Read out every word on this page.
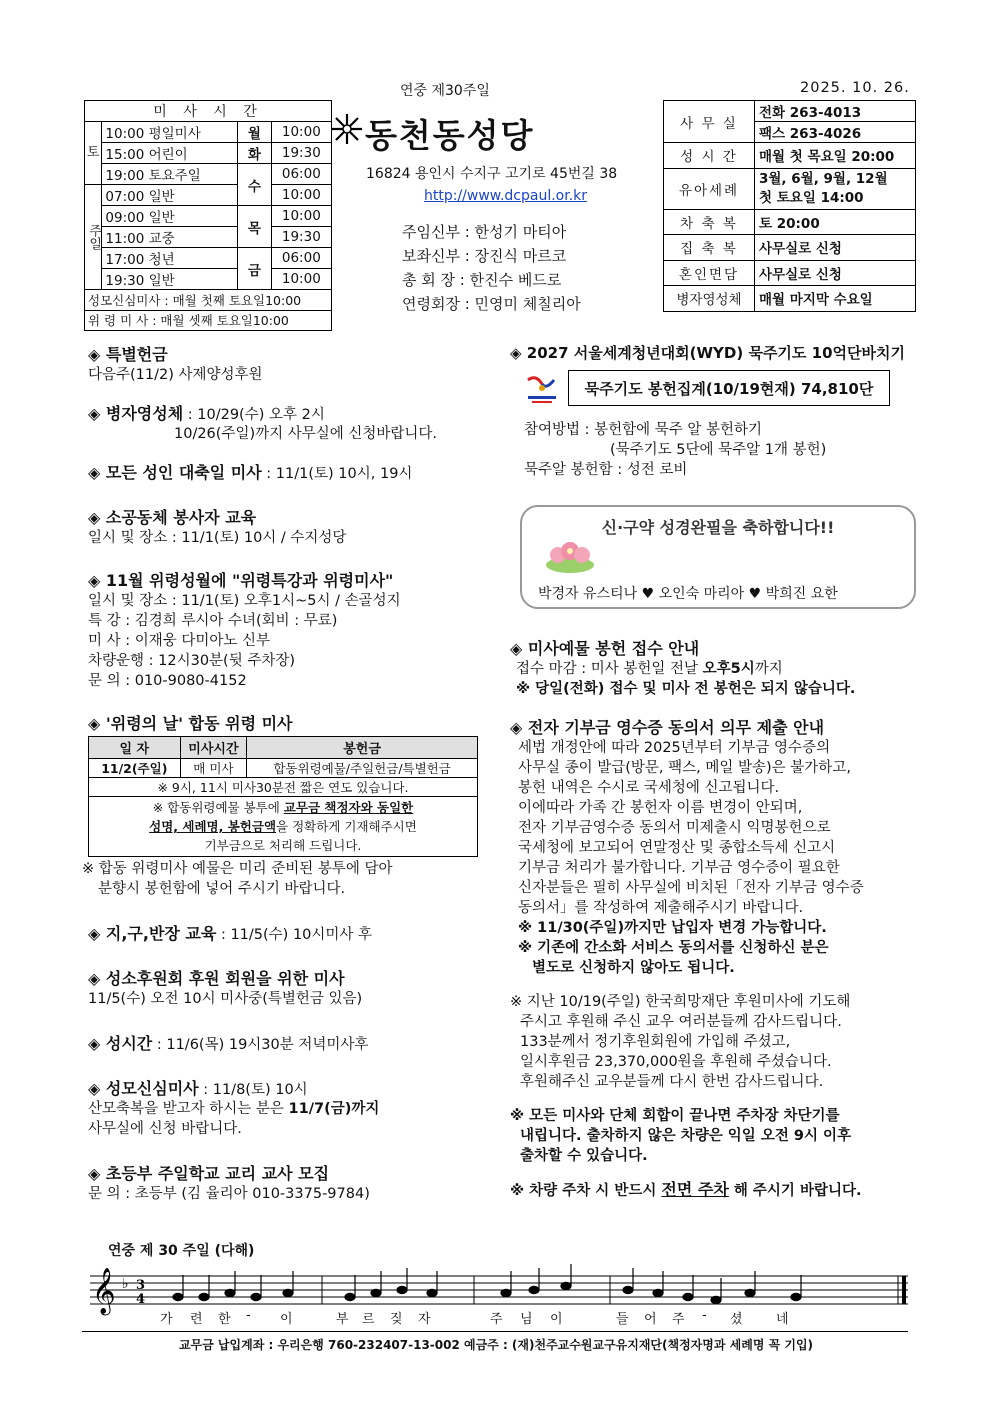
연중 제30주일	2025. 10. 26.
미 사 시 간			
토	10:00 평일미사	월	10:00
	15:00 어린이	화	19:30
	19:00 토요주일	수	06:00
주일	07:00 일반		10:00
	09:00 일반	목	10:00
	11:00 교중		19:30
	17:00 청년	금	06:00
	19:30 일반		10:00
성모신심미사 : 매월 첫째 토요일10:00			
위 령 미 사 : 매월 셋째 토요일10:00			
동천동성당
16824 용인시 수지구 고기로 45번길 38
http://www.dcpaul.or.kr
주임신부 : 한성기 마티아
보좌신부 : 장진식 마르코
총 회 장 : 한진수 베드로
연령회장 : 민영미 체칠리아
사 무 실	전화 263-4013
	팩스 263-4026
성 시 간	매월 첫 목요일 20:00
유아세례	3월, 6월, 9월, 12월
첫 토요일 14:00

차 축 복	토 20:00
집 축 복	사무실로 신청
혼인면담	사무실로 신청
병자영성체	매월 마지막 수요일
◈ 특별헌금

다음주(11/2) 사제양성후원

◈ 병자영성체 : 10/29(수) 오후 2시

10/26(주일)까지 사무실에 신청바랍니다.

◈ 모든 성인 대축일 미사 : 11/1(토) 10시, 19시
◈ 소공동체 봉사자 교육

일시 및 장소 : 11/1(토) 10시 / 수지성당

◈ 11월 위령성월에 "위령특강과 위령미사"

일시 및 장소 : 11/1(토) 오후1시~5시 / 손골성지

특 강 : 김경희 루시아 수녀(회비 : 무료)

미 사 : 이재웅 다미아노 신부

차량운행 : 12시30분(뒷 주차장)

문 의 : 010-9080-4152

◈ '위령의 날' 합동 위령 미사
일 자	미사시간	봉헌금
11/2(주일)	매 미사	합동위령예물/주일헌금/특별헌금
※ 9시, 11시 미사30분전 짧은 연도 있습니다.		
※ 합동위령예물 봉투에 교무금 책정자와 동일한
성명, 세례명, 봉헌금액을 정확하게 기재해주시면
기부금으로 처리해 드립니다.		

※ 합동 위령미사 예물은 미리 준비된 봉투에 담아

분향시 봉헌함에 넣어 주시기 바랍니다.

◈ 지,구,반장 교육 : 11/5(수) 10시미사 후
◈ 성소후원회 후원 회원을 위한 미사

11/5(수) 오전 10시 미사중(특별헌금 있음)

◈ 성시간 : 11/6(목) 19시30분 저녁미사후
◈ 성모신심미사 : 11/8(토) 10시

산모축복을 받고자 하시는 분은 11/7(금)까지

사무실에 신청 바랍니다.

◈ 초등부 주일학교 교리 교사 모집

문 의 : 초등부 (김 율리아 010-3375-9784)

◈ 2027 서울세계청년대회(WYD) 묵주기도 10억단바치기
묵주기도 봉헌집계(10/19현재) 74,810단

참여방법 : 봉헌함에 묵주 알 봉헌하기

(묵주기도 5단에 묵주알 1개 봉헌)

묵주알 봉헌함 : 성전 로비

신·구약 성경완필을 축하합니다!!
박경자 유스티나 ♥ 오인숙 마리아 ♥ 박희진 요한
◈ 미사예물 봉헌 접수 안내

접수 마감 : 미사 봉헌일 전날 오후5시까지

※ 당일(전화) 접수 및 미사 전 봉헌은 되지 않습니다.

◈ 전자 기부금 영수증 동의서 의무 제출 안내

세법 개정안에 따라 2025년부터 기부금 영수증의

사무실 종이 발급(방문, 팩스, 메일 발송)은 불가하고,

봉헌 내역은 수시로 국세청에 신고됩니다.

이에따라 가족 간 봉헌자 이름 변경이 안되며,

전자 기부금영수증 동의서 미제출시 익명봉헌으로

국세청에 보고되어 연말정산 및 종합소득세 신고시

기부금 처리가 불가합니다. 기부금 영수증이 필요한

신자분들은 필히 사무실에 비치된「전자 기부금 영수증

동의서」를 작성하여 제출해주시기 바랍니다.

※ 11/30(주일)까지만 납입자 변경 가능합니다.

※ 기존에 간소화 서비스 동의서를 신청하신 분은

별도로 신청하지 않아도 됩니다.

※ 지난 10/19(주일) 한국희망재단 후원미사에 기도해

주시고 후원해 주신 교우 여러분들께 감사드립니다.

133분께서 정기후원회원에 가입해 주셨고,

일시후원금 23,370,000원을 후원해 주셨습니다.

후원해주신 교우분들께 다시 한번 감사드립니다.

※ 모든 미사와 단체 회합이 끝나면 주차장 차단기를

내립니다. 출차하지 않은 차량은 익일 오전 9시 이후

출차할 수 있습니다.

※ 차량 주차 시 반드시 전면 주차 해 주시기 바랍니다.

연중 제 30 주일 (다해)
𝄞 ♭ 3
4
가 련 한 - 이	부 르 짖 자	주 님 이	들 어 주 - 셨	네
교무금 납입계좌 : 우리은행 760-232407-13-002 예금주 : (재)천주교수원교구유지재단(책정자명과 세례명 꼭 기입)
